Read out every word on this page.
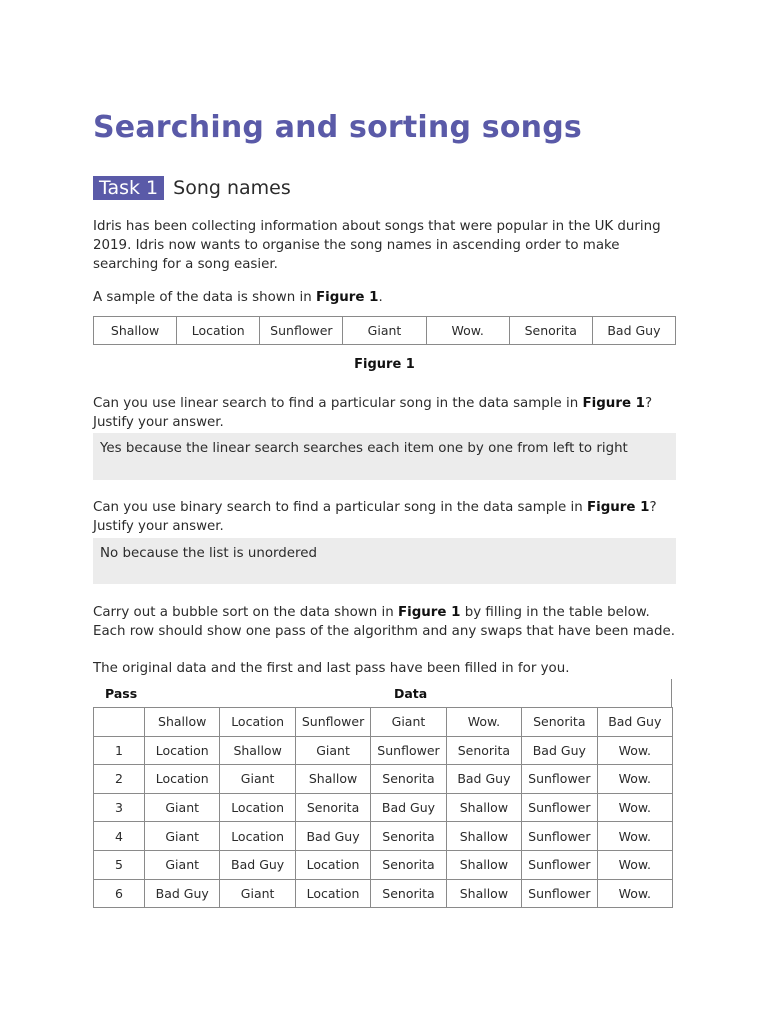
Searching and sorting songs
Task 1 Song names

Idris has been collecting information about songs that were popular in the UK during 2019. Idris now wants to organise the song names in ascending order to make searching for a song easier.

A sample of the data is shown in Figure 1.

Shallow	Location	Sunflower	Giant	Wow.	Senorita	Bad Guy

Figure 1

Can you use linear search to find a particular song in the data sample in Figure 1? Justify your answer.

Yes because the linear search searches each item one by one from left to right

Can you use binary search to find a particular song in the data sample in Figure 1? Justify your answer.

No because the list is unordered

Carry out a bubble sort on the data shown in Figure 1 by filling in the table below. Each row should show one pass of the algorithm and any swaps that have been made.

The original data and the first and last pass have been filled in for you.

Pass	Data
	Shallow	Location	Sunflower	Giant	Wow.	Senorita	Bad Guy
1	Location	Shallow	Giant	Sunflower	Senorita	Bad Guy	Wow.
2	Location	Giant	Shallow	Senorita	Bad Guy	Sunflower	Wow.
3	Giant	Location	Senorita	Bad Guy	Shallow	Sunflower	Wow.
4	Giant	Location	Bad Guy	Senorita	Shallow	Sunflower	Wow.
5	Giant	Bad Guy	Location	Senorita	Shallow	Sunflower	Wow.
6	Bad Guy	Giant	Location	Senorita	Shallow	Sunflower	Wow.
